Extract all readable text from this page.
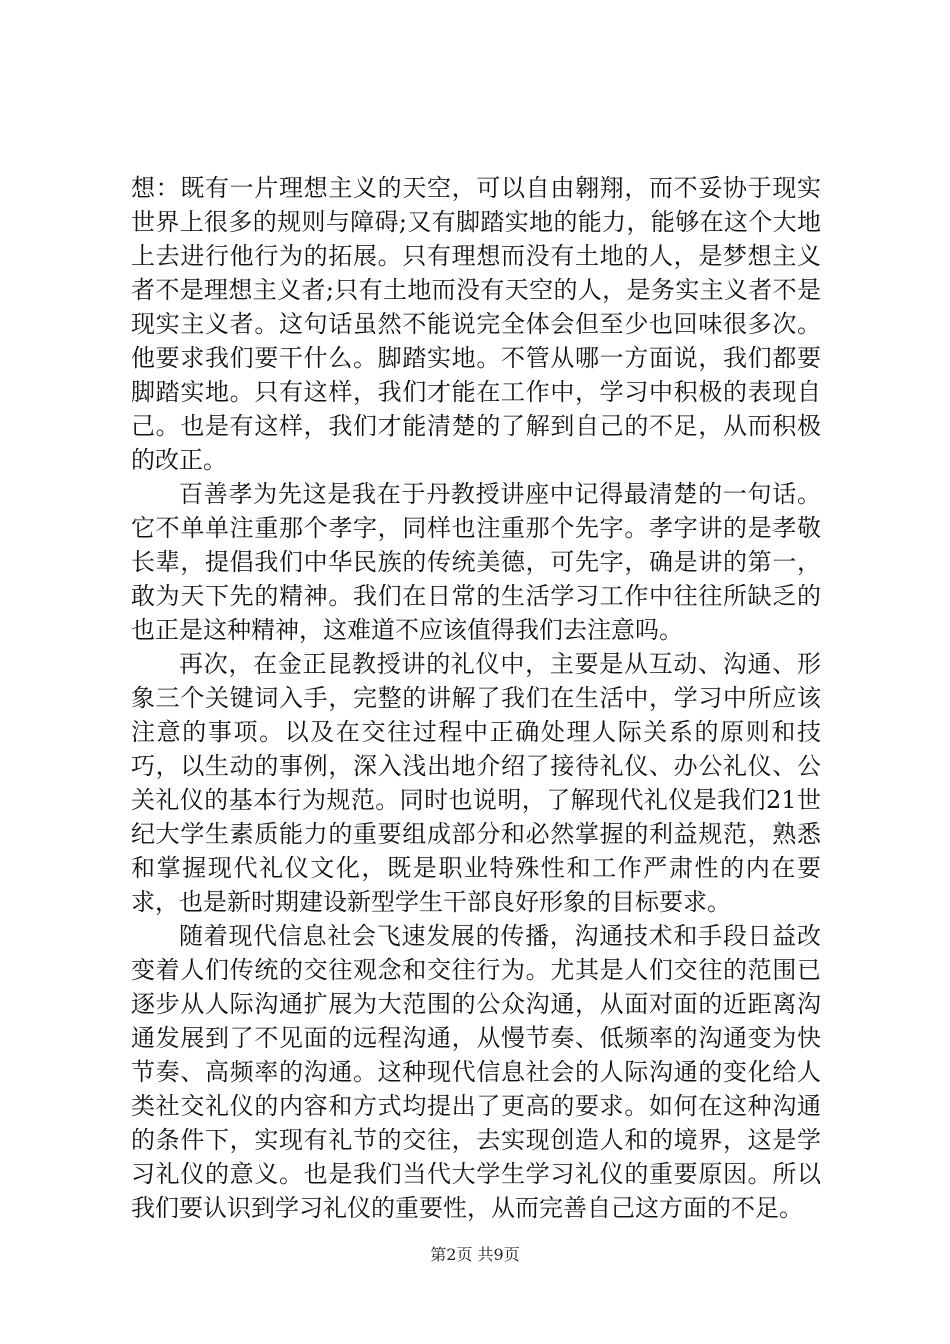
想：既有一片理想主义的天空，可以自由翱翔，而不妥协于现实世界上很多的规则与障碍;又有脚踏实地的能力，能够在这个大地上去进行他行为的拓展。只有理想而没有土地的人，是梦想主义者不是理想主义者;只有土地而没有天空的人，是务实主义者不是现实主义者。这句话虽然不能说完全体会但至少也回味很多次。他要求我们要干什么。脚踏实地。不管从哪一方面说，我们都要脚踏实地。只有这样，我们才能在工作中，学习中积极的表现自己。也是有这样，我们才能清楚的了解到自己的不足，从而积极的改正。

百善孝为先这是我在于丹教授讲座中记得最清楚的一句话。它不单单注重那个孝字，同样也注重那个先字。孝字讲的是孝敬长辈，提倡我们中华民族的传统美德，可先字，确是讲的第一，敢为天下先的精神。我们在日常的生活学习工作中往往所缺乏的也正是这种精神，这难道不应该值得我们去注意吗。

再次，在金正昆教授讲的礼仪中，主要是从互动、沟通、形象三个关键词入手，完整的讲解了我们在生活中，学习中所应该注意的事项。以及在交往过程中正确处理人际关系的原则和技巧，以生动的事例，深入浅出地介绍了接待礼仪、办公礼仪、公关礼仪的基本行为规范。同时也说明，了解现代礼仪是我们21世纪大学生素质能力的重要组成部分和必然掌握的利益规范，熟悉和掌握现代礼仪文化，既是职业特殊性和工作严肃性的内在要求，也是新时期建设新型学生干部良好形象的目标要求。

随着现代信息社会飞速发展的传播，沟通技术和手段日益改变着人们传统的交往观念和交往行为。尤其是人们交往的范围已逐步从人际沟通扩展为大范围的公众沟通，从面对面的近距离沟通发展到了不见面的远程沟通，从慢节奏、低频率的沟通变为快节奏、高频率的沟通。这种现代信息社会的人际沟通的变化给人类社交礼仪的内容和方式均提出了更高的要求。如何在这种沟通的条件下，实现有礼节的交往，去实现创造人和的境界，这是学习礼仪的意义。也是我们当代大学生学习礼仪的重要原因。所以我们要认识到学习礼仪的重要性，从而完善自己这方面的不足。

第2页 共9页
